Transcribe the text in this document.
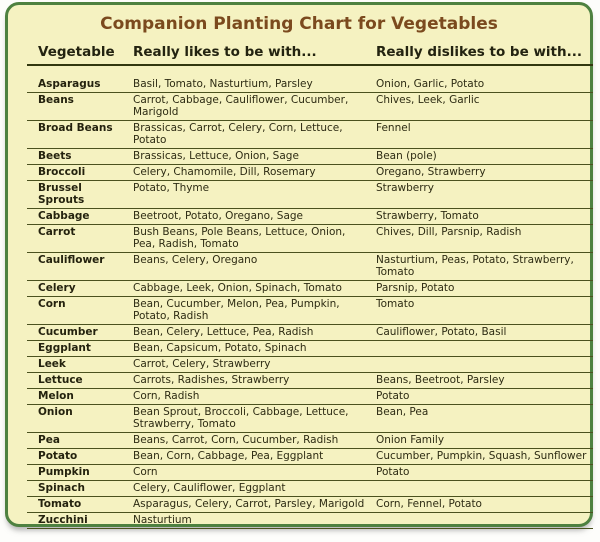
Companion Planting Chart for Vegetables
Vegetable	Really likes to be with...	Really dislikes to be with...
Asparagus	Basil, Tomato, Nasturtium, Parsley	Onion, Garlic, Potato
Beans	Carrot, Cabbage, Cauliflower, Cucumber, Marigold	Chives, Leek, Garlic
Broad Beans	Brassicas, Carrot, Celery, Corn, Lettuce, Potato	Fennel
Beets	Brassicas, Lettuce, Onion, Sage	Bean (pole)
Broccoli	Celery, Chamomile, Dill, Rosemary	Oregano, Strawberry
Brussel Sprouts	Potato, Thyme	Strawberry
Cabbage	Beetroot, Potato, Oregano, Sage	Strawberry, Tomato
Carrot	Bush Beans, Pole Beans, Lettuce, Onion, Pea, Radish, Tomato	Chives, Dill, Parsnip, Radish
Cauliflower	Beans, Celery, Oregano	Nasturtium, Peas, Potato, Strawberry, Tomato
Celery	Cabbage, Leek, Onion, Spinach, Tomato	Parsnip, Potato
Corn	Bean, Cucumber, Melon, Pea, Pumpkin, Potato, Radish	Tomato
Cucumber	Bean, Celery, Lettuce, Pea, Radish	Cauliflower, Potato, Basil
Eggplant	Bean, Capsicum, Potato, Spinach	
Leek	Carrot, Celery, Strawberry	
Lettuce	Carrots, Radishes, Strawberry	Beans, Beetroot, Parsley
Melon	Corn, Radish	Potato
Onion	Bean Sprout, Broccoli, Cabbage, Lettuce, Strawberry, Tomato	Bean, Pea
Pea	Beans, Carrot, Corn, Cucumber, Radish	Onion Family
Potato	Bean, Corn, Cabbage, Pea, Eggplant	Cucumber, Pumpkin, Squash, Sunflower
Pumpkin	Corn	Potato
Spinach	Celery, Cauliflower, Eggplant	
Tomato	Asparagus, Celery, Carrot, Parsley, Marigold	Corn, Fennel, Potato
Zucchini	Nasturtium	
